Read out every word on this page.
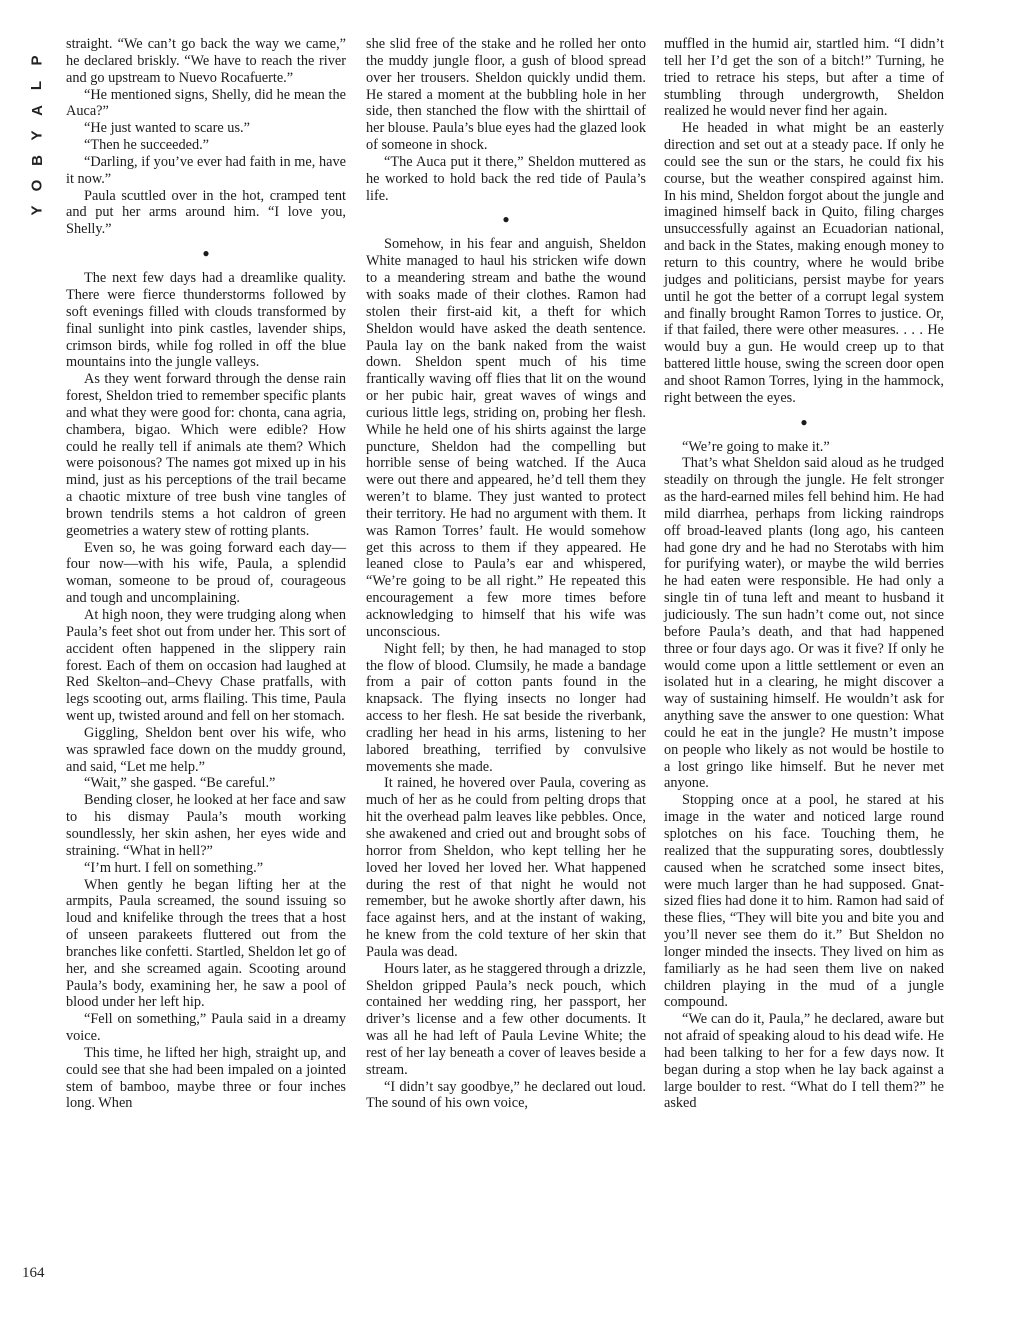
P
L
A
Y
B
O
Y
164

straight. “We can’t go back the way we came,” he declared briskly. “We have to reach the river and go upstream to Nuevo Rocafuerte.”

“He mentioned signs, Shelly, did he mean the Auca?”

“He just wanted to scare us.”

“Then he succeeded.”

“Darling, if you’ve ever had faith in me, have it now.”

Paula scuttled over in the hot, cramped tent and put her arms around him. “I love you, Shelly.”

●

The next few days had a dreamlike quality. There were fierce thunderstorms followed by soft evenings filled with clouds transformed by final sunlight into pink castles, lavender ships, crimson birds, while fog rolled in off the blue mountains into the jungle valleys.

As they went forward through the dense rain forest, Sheldon tried to remember specific plants and what they were good for: chonta, cana agria, chambera, bigao. Which were edible? How could he really tell if animals ate them? Which were poisonous? The names got mixed up in his mind, just as his perceptions of the trail became a chaotic mixture of tree bush vine tangles of brown tendrils stems a hot caldron of green geometries a watery stew of rotting plants.

Even so, he was going forward each day—four now—with his wife, Paula, a splendid woman, someone to be proud of, courageous and tough and uncomplaining.

At high noon, they were trudging along when Paula’s feet shot out from under her. This sort of accident often happened in the slippery rain forest. Each of them on occasion had laughed at Red Skelton–and–Chevy Chase pratfalls, with legs scooting out, arms flailing. This time, Paula went up, twisted around and fell on her stomach.

Giggling, Sheldon bent over his wife, who was sprawled face down on the muddy ground, and said, “Let me help.”

“Wait,” she gasped. “Be careful.”

Bending closer, he looked at her face and saw to his dismay Paula’s mouth working soundlessly, her skin ashen, her eyes wide and straining. “What in hell?”

“I’m hurt. I fell on something.”

When gently he began lifting her at the armpits, Paula screamed, the sound issuing so loud and knifelike through the trees that a host of unseen parakeets fluttered out from the branches like confetti. Startled, Sheldon let go of her, and she screamed again. Scooting around Paula’s body, examining her, he saw a pool of blood under her left hip.

“Fell on something,” Paula said in a dreamy voice.

This time, he lifted her high, straight up, and could see that she had been impaled on a jointed stem of bamboo, maybe three or four inches long. When

she slid free of the stake and he rolled her onto the muddy jungle floor, a gush of blood spread over her trousers. Sheldon quickly undid them. He stared a moment at the bubbling hole in her side, then stanched the flow with the shirttail of her blouse. Paula’s blue eyes had the glazed look of someone in shock.

“The Auca put it there,” Sheldon muttered as he worked to hold back the red tide of Paula’s life.

●

Somehow, in his fear and anguish, Sheldon White managed to haul his stricken wife down to a meandering stream and bathe the wound with soaks made of their clothes. Ramon had stolen their first-aid kit, a theft for which Sheldon would have asked the death sentence. Paula lay on the bank naked from the waist down. Sheldon spent much of his time frantically waving off flies that lit on the wound or her pubic hair, great waves of wings and curious little legs, striding on, probing her flesh. While he held one of his shirts against the large puncture, Sheldon had the compelling but horrible sense of being watched. If the Auca were out there and appeared, he’d tell them they weren’t to blame. They just wanted to protect their territory. He had no argument with them. It was Ramon Torres’ fault. He would somehow get this across to them if they appeared. He leaned close to Paula’s ear and whispered, “We’re going to be all right.” He repeated this encouragement a few more times before acknowledging to himself that his wife was unconscious.

Night fell; by then, he had managed to stop the flow of blood. Clumsily, he made a bandage from a pair of cotton pants found in the knapsack. The flying insects no longer had access to her flesh. He sat beside the riverbank, cradling her head in his arms, listening to her labored breathing, terrified by convulsive movements she made.

It rained, he hovered over Paula, covering as much of her as he could from pelting drops that hit the overhead palm leaves like pebbles. Once, she awakened and cried out and brought sobs of horror from Sheldon, who kept telling her he loved her loved her loved her. What happened during the rest of that night he would not remember, but he awoke shortly after dawn, his face against hers, and at the instant of waking, he knew from the cold texture of her skin that Paula was dead.

Hours later, as he staggered through a drizzle, Sheldon gripped Paula’s neck pouch, which contained her wedding ring, her passport, her driver’s license and a few other documents. It was all he had left of Paula Levine White; the rest of her lay beneath a cover of leaves beside a stream.

“I didn’t say goodbye,” he declared out loud. The sound of his own voice,

muffled in the humid air, startled him. “I didn’t tell her I’d get the son of a bitch!” Turning, he tried to retrace his steps, but after a time of stumbling through undergrowth, Sheldon realized he would never find her again.

He headed in what might be an easterly direction and set out at a steady pace. If only he could see the sun or the stars, he could fix his course, but the weather conspired against him. In his mind, Sheldon forgot about the jungle and imagined himself back in Quito, filing charges unsuccessfully against an Ecuadorian national, and back in the States, making enough money to return to this country, where he would bribe judges and politicians, persist maybe for years until he got the better of a corrupt legal system and finally brought Ramon Torres to justice. Or, if that failed, there were other measures. . . . He would buy a gun. He would creep up to that battered little house, swing the screen door open and shoot Ramon Torres, lying in the hammock, right between the eyes.

●

“We’re going to make it.”

That’s what Sheldon said aloud as he trudged steadily on through the jungle. He felt stronger as the hard-earned miles fell behind him. He had mild diarrhea, perhaps from licking raindrops off broad-leaved plants (long ago, his canteen had gone dry and he had no Sterotabs with him for purifying water), or maybe the wild berries he had eaten were responsible. He had only a single tin of tuna left and meant to husband it judiciously. The sun hadn’t come out, not since before Paula’s death, and that had happened three or four days ago. Or was it five? If only he would come upon a little settlement or even an isolated hut in a clearing, he might discover a way of sustaining himself. He wouldn’t ask for anything save the answer to one question: What could he eat in the jungle? He mustn’t impose on people who likely as not would be hostile to a lost gringo like himself. But he never met anyone.

Stopping once at a pool, he stared at his image in the water and noticed large round splotches on his face. Touching them, he realized that the suppurating sores, doubtlessly caused when he scratched some insect bites, were much larger than he had supposed. Gnat-sized flies had done it to him. Ramon had said of these flies, “They will bite you and bite you and you’ll never see them do it.” But Sheldon no longer minded the insects. They lived on him as familiarly as he had seen them live on naked children playing in the mud of a jungle compound.

“We can do it, Paula,” he declared, aware but not afraid of speaking aloud to his dead wife. He had been talking to her for a few days now. It began during a stop when he lay back against a large boulder to rest. “What do I tell them?” he asked
